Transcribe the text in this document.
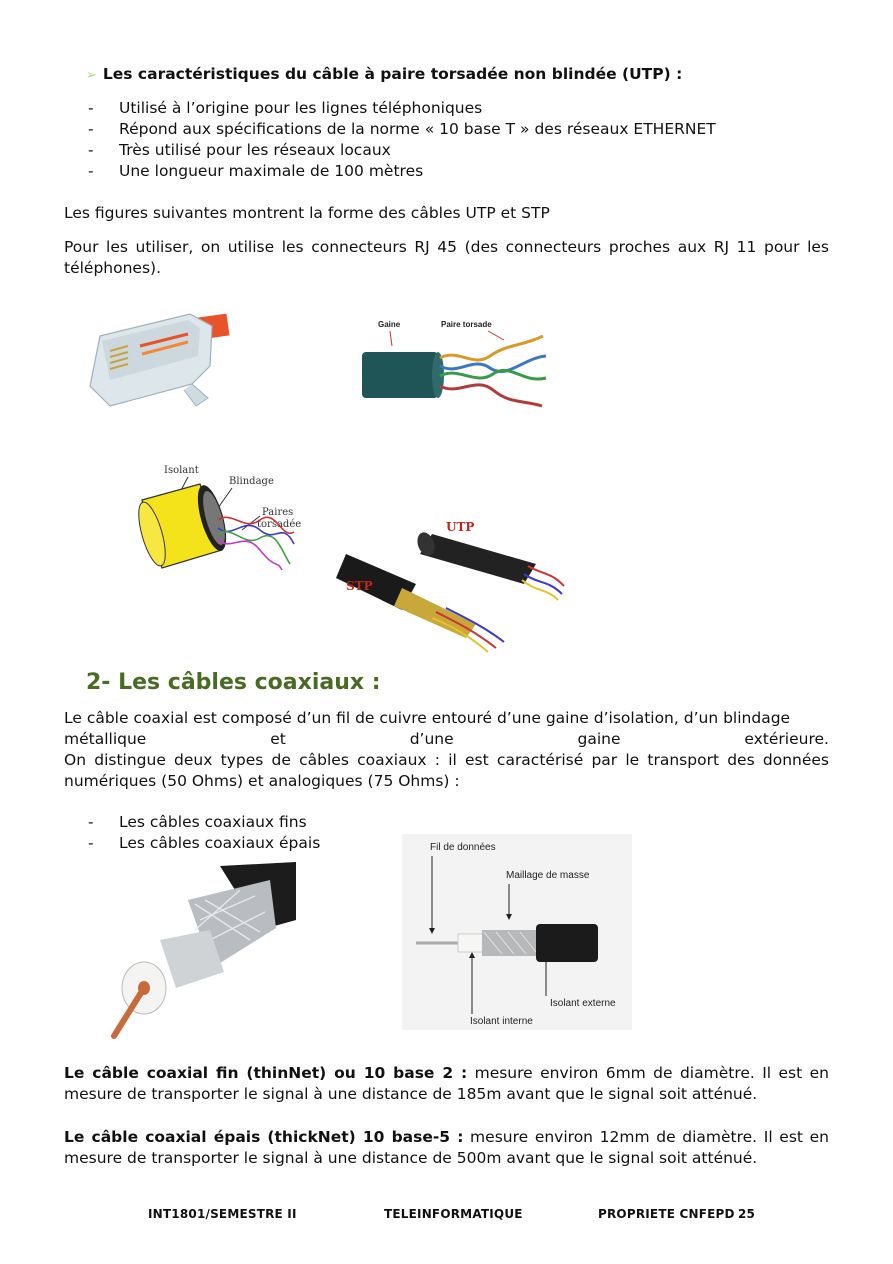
➢ Les caractéristiques du câble à paire torsadée non blindée (UTP) :
-	Utilisé à l’origine pour les lignes téléphoniques
-	Répond aux spécifications de la norme « 10 base T » des réseaux ETHERNET
-	Très utilisé pour les réseaux locaux
-	Une longueur maximale de 100 mètres
Les figures suivantes montrent la forme des câbles UTP et STP
Pour les utiliser, on utilise les connecteurs RJ 45 (des connecteurs proches aux RJ 11 pour les téléphones).
Gaine	Paire torsade
Isolant
Blindage
Paires
torsadée	UTP
STP
2- Les câbles coaxiaux :
Le câble coaxial est composé d’un fil de cuivre entouré d’une gaine d’isolation, d’un blindage
métallique	et	d’une	gaine	extérieure.
On distingue deux types de câbles coaxiaux : il est caractérisé par le transport des données numériques (50 Ohms) et analogiques (75 Ohms) :
-	Les câbles coaxiaux fins
-	Les câbles coaxiaux épais	Fil de données
Maillage de masse
Isolant externe
Isolant interne
Le câble coaxial fin (thinNet) ou 10 base 2 : mesure environ 6mm de diamètre. Il est en mesure de transporter le signal à une distance de 185m avant que le signal soit atténué.
Le câble coaxial épais (thickNet) 10 base-5 : mesure environ 12mm de diamètre. Il est en mesure de transporter le signal à une distance de 500m avant que le signal soit atténué.
INT1801/SEMESTRE II	TELEINFORMATIQUE	PROPRIETE CNFEPD 25
